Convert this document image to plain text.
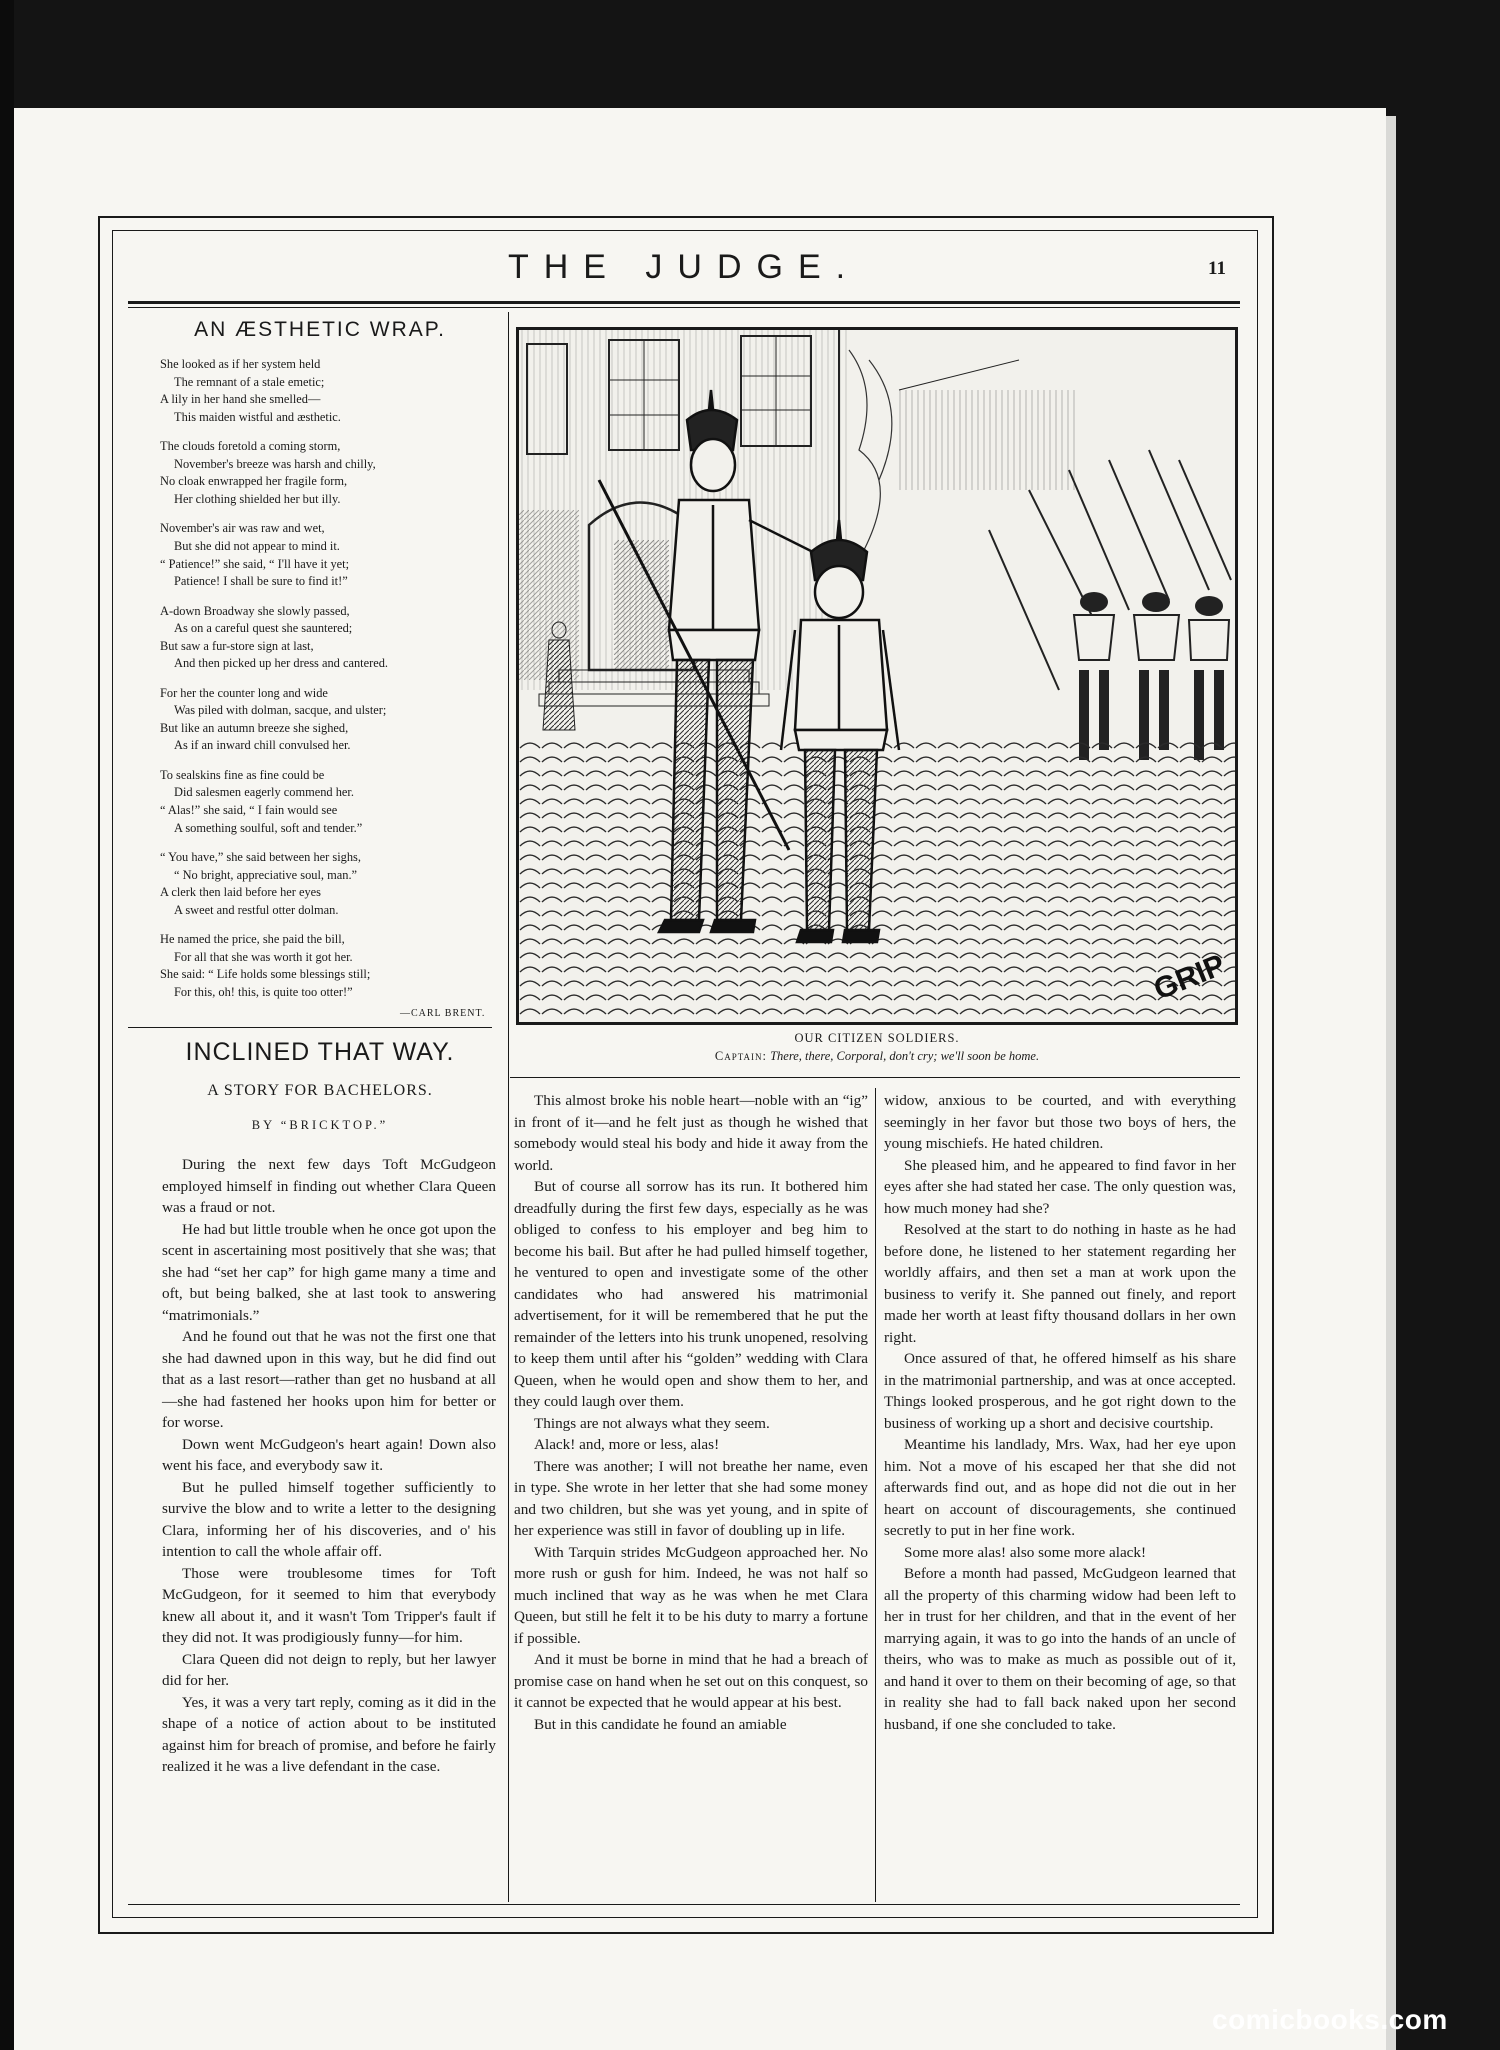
THE JUDGE.	11
AN ÆSTHETIC WRAP.
She looked as if her system held
The remnant of a stale emetic;
A lily in her hand she smelled—
This maiden wistful and æsthetic.
The clouds foretold a coming storm,
November's breeze was harsh and chilly,
No cloak enwrapped her fragile form,
Her clothing shielded her but illy.
November's air was raw and wet,
But she did not appear to mind it.
“ Patience!” she said, “ I'll have it yet;
Patience! I shall be sure to find it!”
A-down Broadway she slowly passed,
As on a careful quest she sauntered;
But saw a fur-store sign at last,
And then picked up her dress and cantered.
For her the counter long and wide
Was piled with dolman, sacque, and ulster;
But like an autumn breeze she sighed,
As if an inward chill convulsed her.
To sealskins fine as fine could be
Did salesmen eagerly commend her.
“ Alas!” she said, “ I fain would see
A something soulful, soft and tender.”
“ You have,” she said between her sighs,
“ No bright, appreciative soul, man.”
A clerk then laid before her eyes
A sweet and restful otter dolman.
He named the price, she paid the bill,
For all that she was worth it got her.
She said: “ Life holds some blessings still;
For this, oh! this, is quite too otter!”
—CARL BRENT.
INCLINED THAT WAY.
A STORY FOR BACHELORS.
BY “BRICKTOP.”

During the next few days Toft McGudgeon employed himself in finding out whether Clara Queen was a fraud or not.

He had but little trouble when he once got upon the scent in ascertaining most positively that she was; that she had “set her cap” for high game many a time and oft, but being balked, she at last took to answering “matrimonials.”

And he found out that he was not the first one that she had dawned upon in this way, but he did find out that as a last resort—rather than get no husband at all—she had fastened her hooks upon him for better or for worse.

Down went McGudgeon's heart again! Down also went his face, and everybody saw it.

But he pulled himself together sufficiently to survive the blow and to write a letter to the designing Clara, informing her of his discoveries, and o' his intention to call the whole affair off.

Those were troublesome times for Toft McGudgeon, for it seemed to him that everybody knew all about it, and it wasn't Tom Tripper's fault if they did not. It was prodigiously funny—for him.

Clara Queen did not deign to reply, but her lawyer did for her.

Yes, it was a very tart reply, coming as it did in the shape of a notice of action about to be instituted against him for breach of promise, and before he fairly realized it he was a live defendant in the case.

This almost broke his noble heart—noble with an “ig” in front of it—and he felt just as though he wished that somebody would steal his body and hide it away from the world.

But of course all sorrow has its run. It bothered him dreadfully during the first few days, especially as he was obliged to confess to his employer and beg him to become his bail. But after he had pulled himself together, he ventured to open and investigate some of the other candidates who had answered his matrimonial advertisement, for it will be remembered that he put the remainder of the letters into his trunk unopened, resolving to keep them until after his “golden” wedding with Clara Queen, when he would open and show them to her, and they could laugh over them.

Things are not always what they seem.

Alack! and, more or less, alas!

There was another; I will not breathe her name, even in type. She wrote in her letter that she had some money and two children, but she was yet young, and in spite of her experience was still in favor of doubling up in life.

With Tarquin strides McGudgeon approached her. No more rush or gush for him. Indeed, he was not half so much inclined that way as he was when he met Clara Queen, but still he felt it to be his duty to marry a fortune if possible.

And it must be borne in mind that he had a breach of promise case on hand when he set out on this conquest, so it cannot be expected that he would appear at his best.

But in this candidate he found an amiable

widow, anxious to be courted, and with everything seemingly in her favor but those two boys of hers, the young mischiefs. He hated children.

She pleased him, and he appeared to find favor in her eyes after she had stated her case. The only question was, how much money had she?

Resolved at the start to do nothing in haste as he had before done, he listened to her statement regarding her worldly affairs, and then set a man at work upon the business to verify it. She panned out finely, and report made her worth at least fifty thousand dollars in her own right.

Once assured of that, he offered himself as his share in the matrimonial partnership, and was at once accepted. Things looked prosperous, and he got right down to the business of working up a short and decisive courtship.

Meantime his landlady, Mrs. Wax, had her eye upon him. Not a move of his escaped her that she did not afterwards find out, and as hope did not die out in her heart on account of discouragements, she continued secretly to put in her fine work.

Some more alas! also some more alack!

Before a month had passed, McGudgeon learned that all the property of this charming widow had been left to her in trust for her children, and that in the event of her marrying again, it was to go into the hands of an uncle of theirs, who was to make as much as possible out of it, and hand it over to them on their becoming of age, so that in reality she had to fall back naked upon her second husband, if one she concluded to take.

GRIP
OUR CITIZEN SOLDIERS.
Captain: There, there, Corporal, don't cry; we'll soon be home.
comicbooks.com
